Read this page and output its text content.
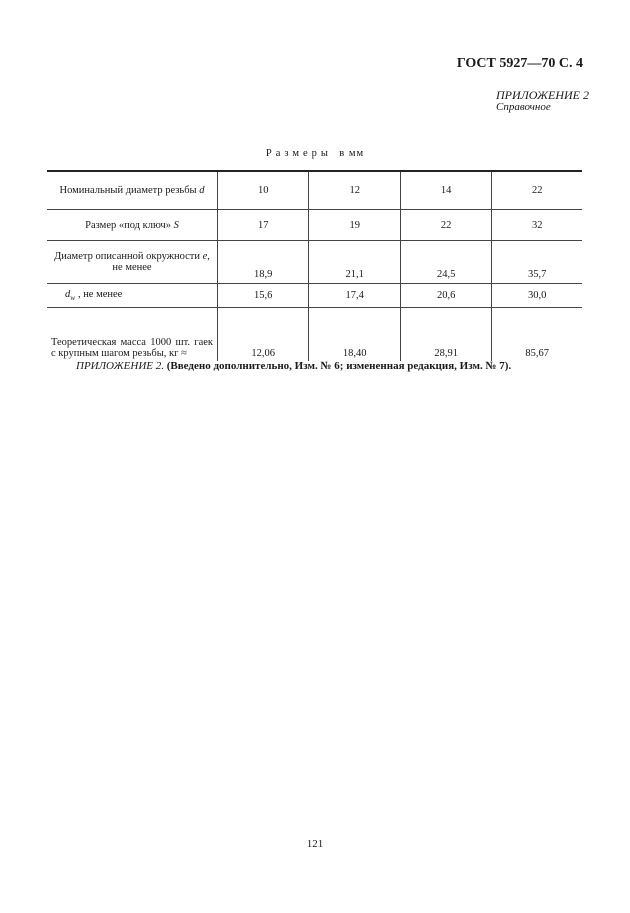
ГОСТ 5927—70 С. 4
ПРИЛОЖЕНИЕ 2
Справочное
Размеры в мм
Номинальный диаметр резьбы d	10	12	14	22
Размер «под ключ» S	17	19	22	32
Диаметр описанной окружности e, не менее	18,9	21,1	24,5	35,7
$d_w$ , не менее	15,6	17,4	20,6	30,0
Теоретическая масса 1000 шт. гаек с крупным шагом резьбы, кг ≈	12,06	18,40	28,91	85,67
ПРИЛОЖЕНИЕ 2. (Введено дополнительно, Изм. № 6; измененная редакция, Изм. № 7).
121
